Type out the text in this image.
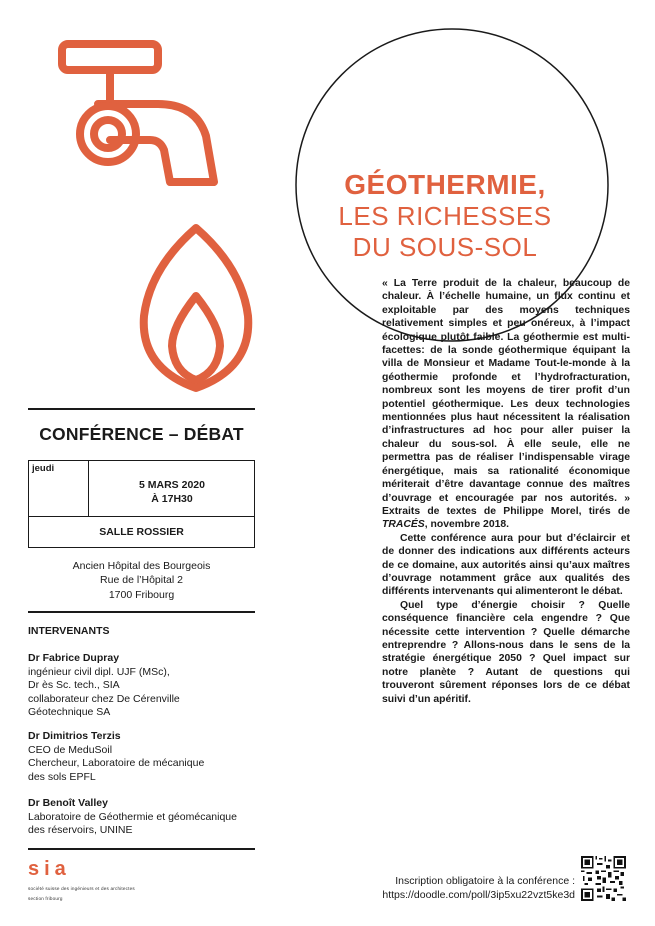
GÉOTHERMIE,
LES RICHESSES
DU SOUS-SOL

« La Terre produit de la chaleur, beaucoup de chaleur. À l’échelle humaine, un flux continu et exploitable par des moyens techniques relativement simples et peu onéreux, à l’impact écologique plutôt faible. La géothermie est multi-facettes: de la sonde géothermique équipant la villa de Monsieur et Madame Tout-le-monde à la géothermie profonde et l’hydrofracturation, nombreux sont les moyens de tirer profit d’un potentiel géothermique. Les deux technologies mentionnées plus haut nécessitent la réalisation d’infrastructures ad hoc pour aller puiser la chaleur du sous-sol. À elle seule, elle ne permettra pas de réaliser l’indispensable virage énergétique, mais sa rationalité économique mériterait d’être davantage connue des maîtres d’ouvrage et encouragée par nos autorités. » Extraits de textes de Philippe Morel, tirés de TRACÉS, novembre 2018.

Cette conférence aura pour but d’éclaircir et de donner des indications aux différents acteurs de ce domaine, aux autorités ainsi qu’aux maîtres d’ouvrage notamment grâce aux qualités des différents intervenants qui alimenteront le débat.

Quel type d’énergie choisir ? Quelle conséquence financière cela engendre ? Que nécessite cette intervention ? Quelle démarche entreprendre ? Allons-nous dans le sens de la stratégie énergétique 2050 ? Quel impact sur notre planète ? Autant de questions qui trouveront sûrement réponses lors de ce débat suivi d’un apéritif.

CONFÉRENCE – DÉBAT
jeudi
5 MARS 2020
À 17H30
SALLE ROSSIER
Ancien Hôpital des Bourgeois
Rue de l’Hôpital 2
1700 Fribourg
INTERVENANTS
Dr Fabrice Dupray
ingénieur civil dipl. UJF (MSc),
Dr ès Sc. tech., SIA
collaborateur chez De Cérenville
Géotechnique SA
Dr Dimitrios Terzis
CEO de MeduSoil
Chercheur, Laboratoire de mécanique
des sols EPFL
Dr Benoît Valley
Laboratoire de Géothermie et géomécanique
des réservoirs, UNINE
sia
société suisse des ingénieurs et des architectes
section fribourg
Inscription obligatoire à la conférence :
https://doodle.com/poll/3ip5xu22vzt5ke3d
